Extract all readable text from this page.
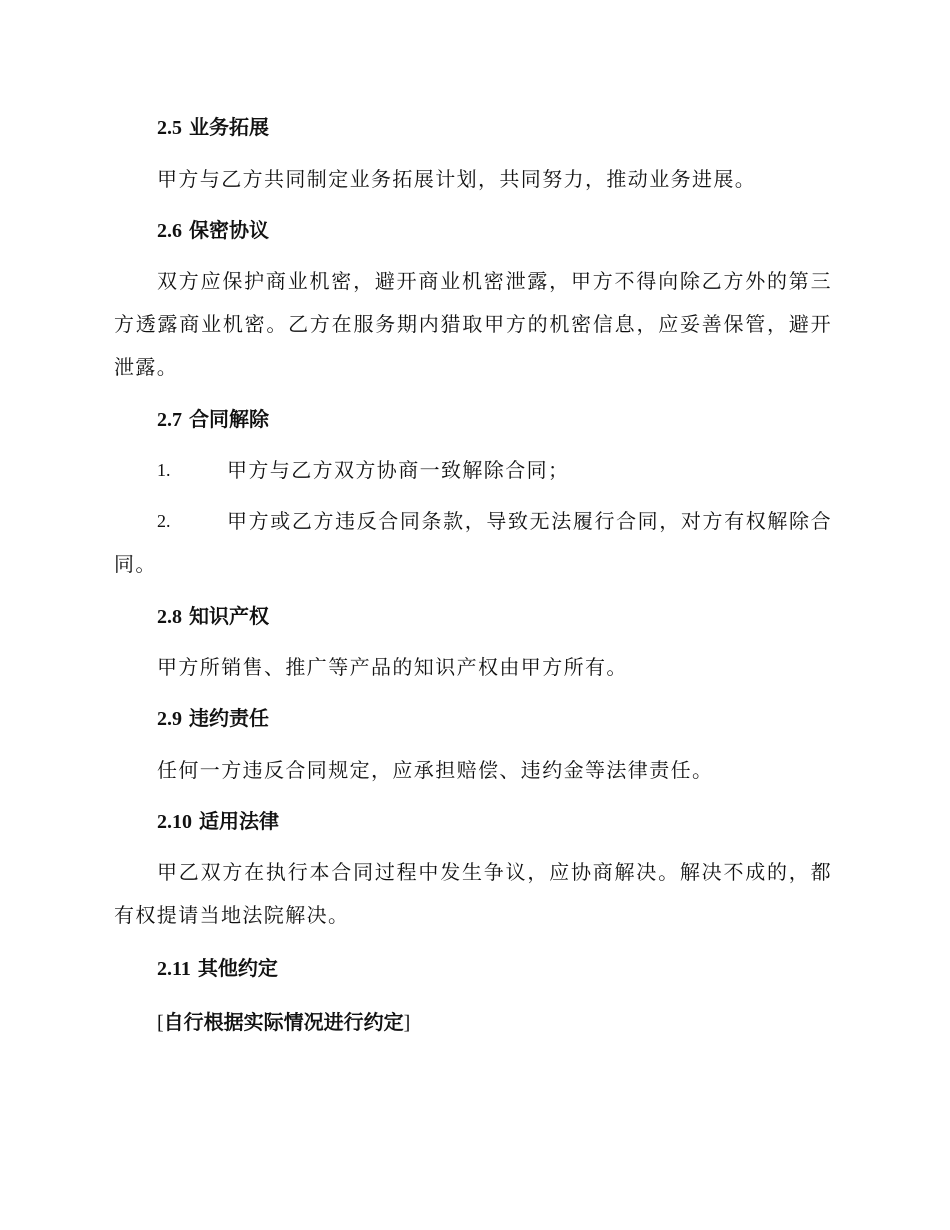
2.5 业务拓展
甲方与乙方共同制定业务拓展计划，共同努力，推动业务进展。
2.6 保密协议
双方应保护商业机密，避开商业机密泄露，甲方不得向除乙方外的第三方透露商业机密。乙方在服务期内猎取甲方的机密信息，应妥善保管，避开泄露。
2.7 合同解除
1.	甲方与乙方双方协商一致解除合同；
2.	甲方或乙方违反合同条款，导致无法履行合同，对方有权解除合同。
2.8 知识产权
甲方所销售、推广等产品的知识产权由甲方所有。
2.9 违约责任
任何一方违反合同规定，应承担赔偿、违约金等法律责任。
2.10 适用法律
甲乙双方在执行本合同过程中发生争议，应协商解决。解决不成的，都有权提请当地法院解决。
2.11 其他约定
[自行根据实际情况进行约定]
